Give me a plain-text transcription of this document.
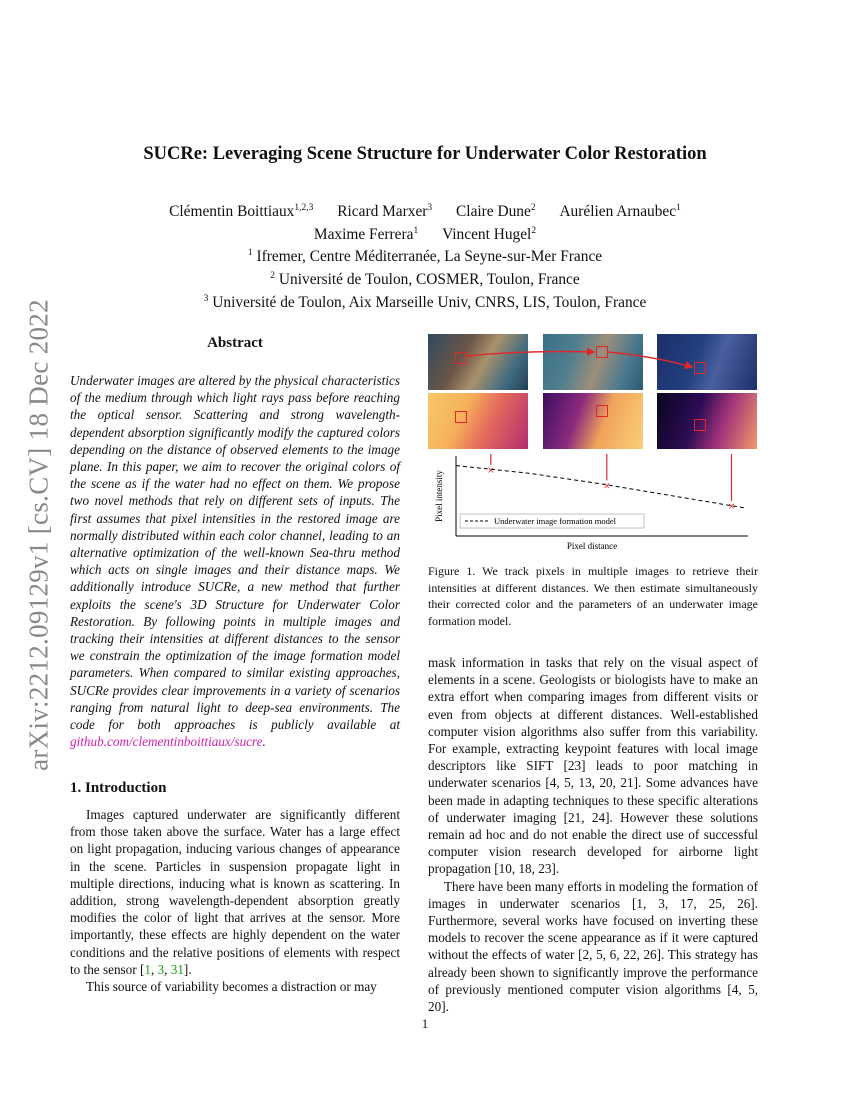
arXiv:2212.09129v1 [cs.CV] 18 Dec 2022
SUCRe: Leveraging Scene Structure for Underwater Color Restoration
Clémentin Boittiaux$^{1,2,3}$ Ricard Marxer$^3$ Claire Dune$^2$ Aurélien Arnaubec$^1$
Maxime Ferrera$^1$ Vincent Hugel$^2$
$^1$ Ifremer, Centre Méditerranée, La Seyne-sur-Mer France
$^2$ Université de Toulon, COSMER, Toulon, France
$^3$ Université de Toulon, Aix Marseille Univ, CNRS, LIS, Toulon, France
Abstract
Underwater images are altered by the physical characteristics of the medium through which light rays pass before reaching the optical sensor. Scattering and strong wavelength-dependent absorption significantly modify the captured colors depending on the distance of observed elements to the image plane. In this paper, we aim to recover the original colors of the scene as if the water had no effect on them. We propose two novel methods that rely on different sets of inputs. The first assumes that pixel intensities in the restored image are normally distributed within each color channel, leading to an alternative optimization of the well-known Sea-thru method which acts on single images and their distance maps. We additionally introduce SUCRe, a new method that further exploits the scene's 3D Structure for Underwater Color Restoration. By following points in multiple images and tracking their intensities at different distances to the sensor we constrain the optimization of the image formation model parameters. When compared to similar existing approaches, SUCRe provides clear improvements in a variety of scenarios ranging from natural light to deep-sea environments. The code for both approaches is publicly available at github.com/clementinboittiaux/sucre.
1. Introduction

Images captured underwater are significantly different from those taken above the surface. Water has a large effect on light propagation, inducing various changes of appearance in the scene. Particles in suspension propagate light in multiple directions, inducing what is known as scattering. In addition, strong wavelength-dependent absorption greatly modifies the color of light that arrives at the sensor. More importantly, these effects are highly dependent on the water conditions and the relative positions of elements with respect to the sensor [1, 3, 31].

This source of variability becomes a distraction or may

Pixel intensity
Pixel distance
Underwater image formation model
×
×
×
Figure 1. We track pixels in multiple images to retrieve their intensities at different distances. We then estimate simultaneously their corrected color and the parameters of an underwater image formation model.

mask information in tasks that rely on the visual aspect of elements in a scene. Geologists or biologists have to make an extra effort when comparing images from different visits or even from objects at different distances. Well-established computer vision algorithms also suffer from this variability. For example, extracting keypoint features with local image descriptors like SIFT [23] leads to poor matching in underwater scenarios [4, 5, 13, 20, 21]. Some advances have been made in adapting techniques to these specific alterations of underwater imaging [21, 24]. However these solutions remain ad hoc and do not enable the direct use of successful computer vision research developed for airborne light propagation [10, 18, 23].

There have been many efforts in modeling the formation of images in underwater scenarios [1, 3, 17, 25, 26]. Furthermore, several works have focused on inverting these models to recover the scene appearance as if it were captured without the effects of water [2, 5, 6, 22, 26]. This strategy has already been shown to significantly improve the performance of previously mentioned computer vision algorithms [4, 5, 20].

1
